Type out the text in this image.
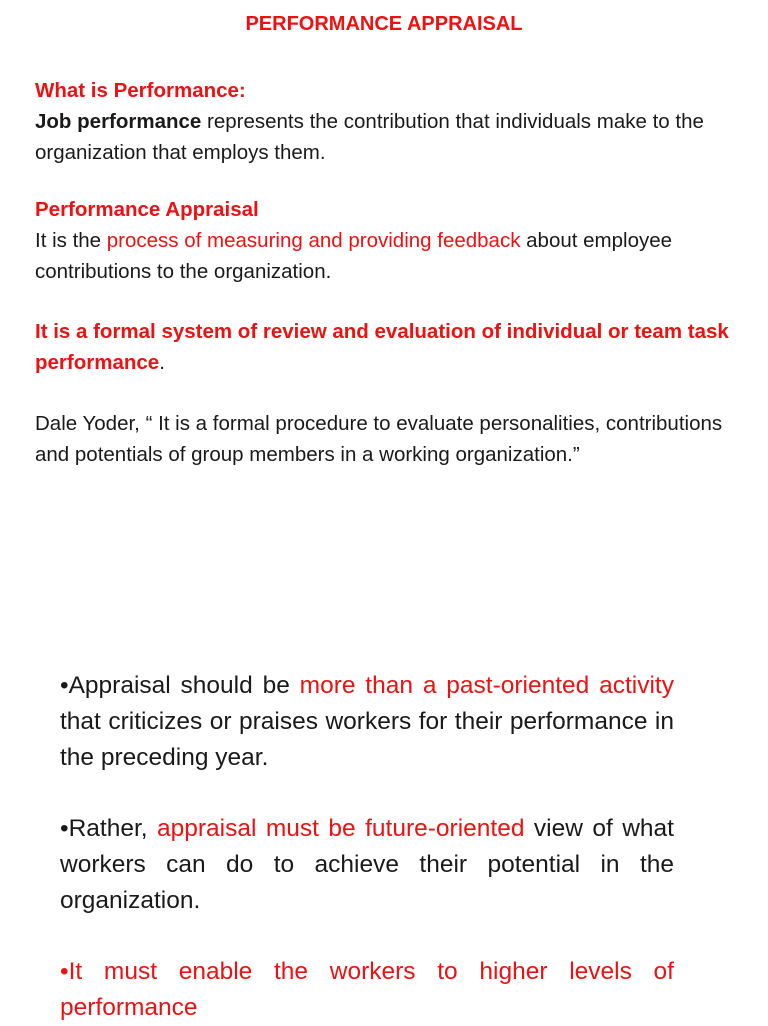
PERFORMANCE APPRAISAL

What is Performance:
Job performance represents the contribution that individuals make to the organization that employs them.

Performance Appraisal
It is the process of measuring and providing feedback about employee contributions to the organization.

It is a formal system of review and evaluation of individual or team task performance.

Dale Yoder, “ It is a formal procedure to evaluate personalities, contributions and potentials of group members in a working organization.”

•Appraisal should be more than a past-oriented activity that criticizes or praises workers for their performance in the preceding year.

•Rather, appraisal must be future-oriented view of what workers can do to achieve their potential in the organization.

•It must enable the workers to higher levels of performance
